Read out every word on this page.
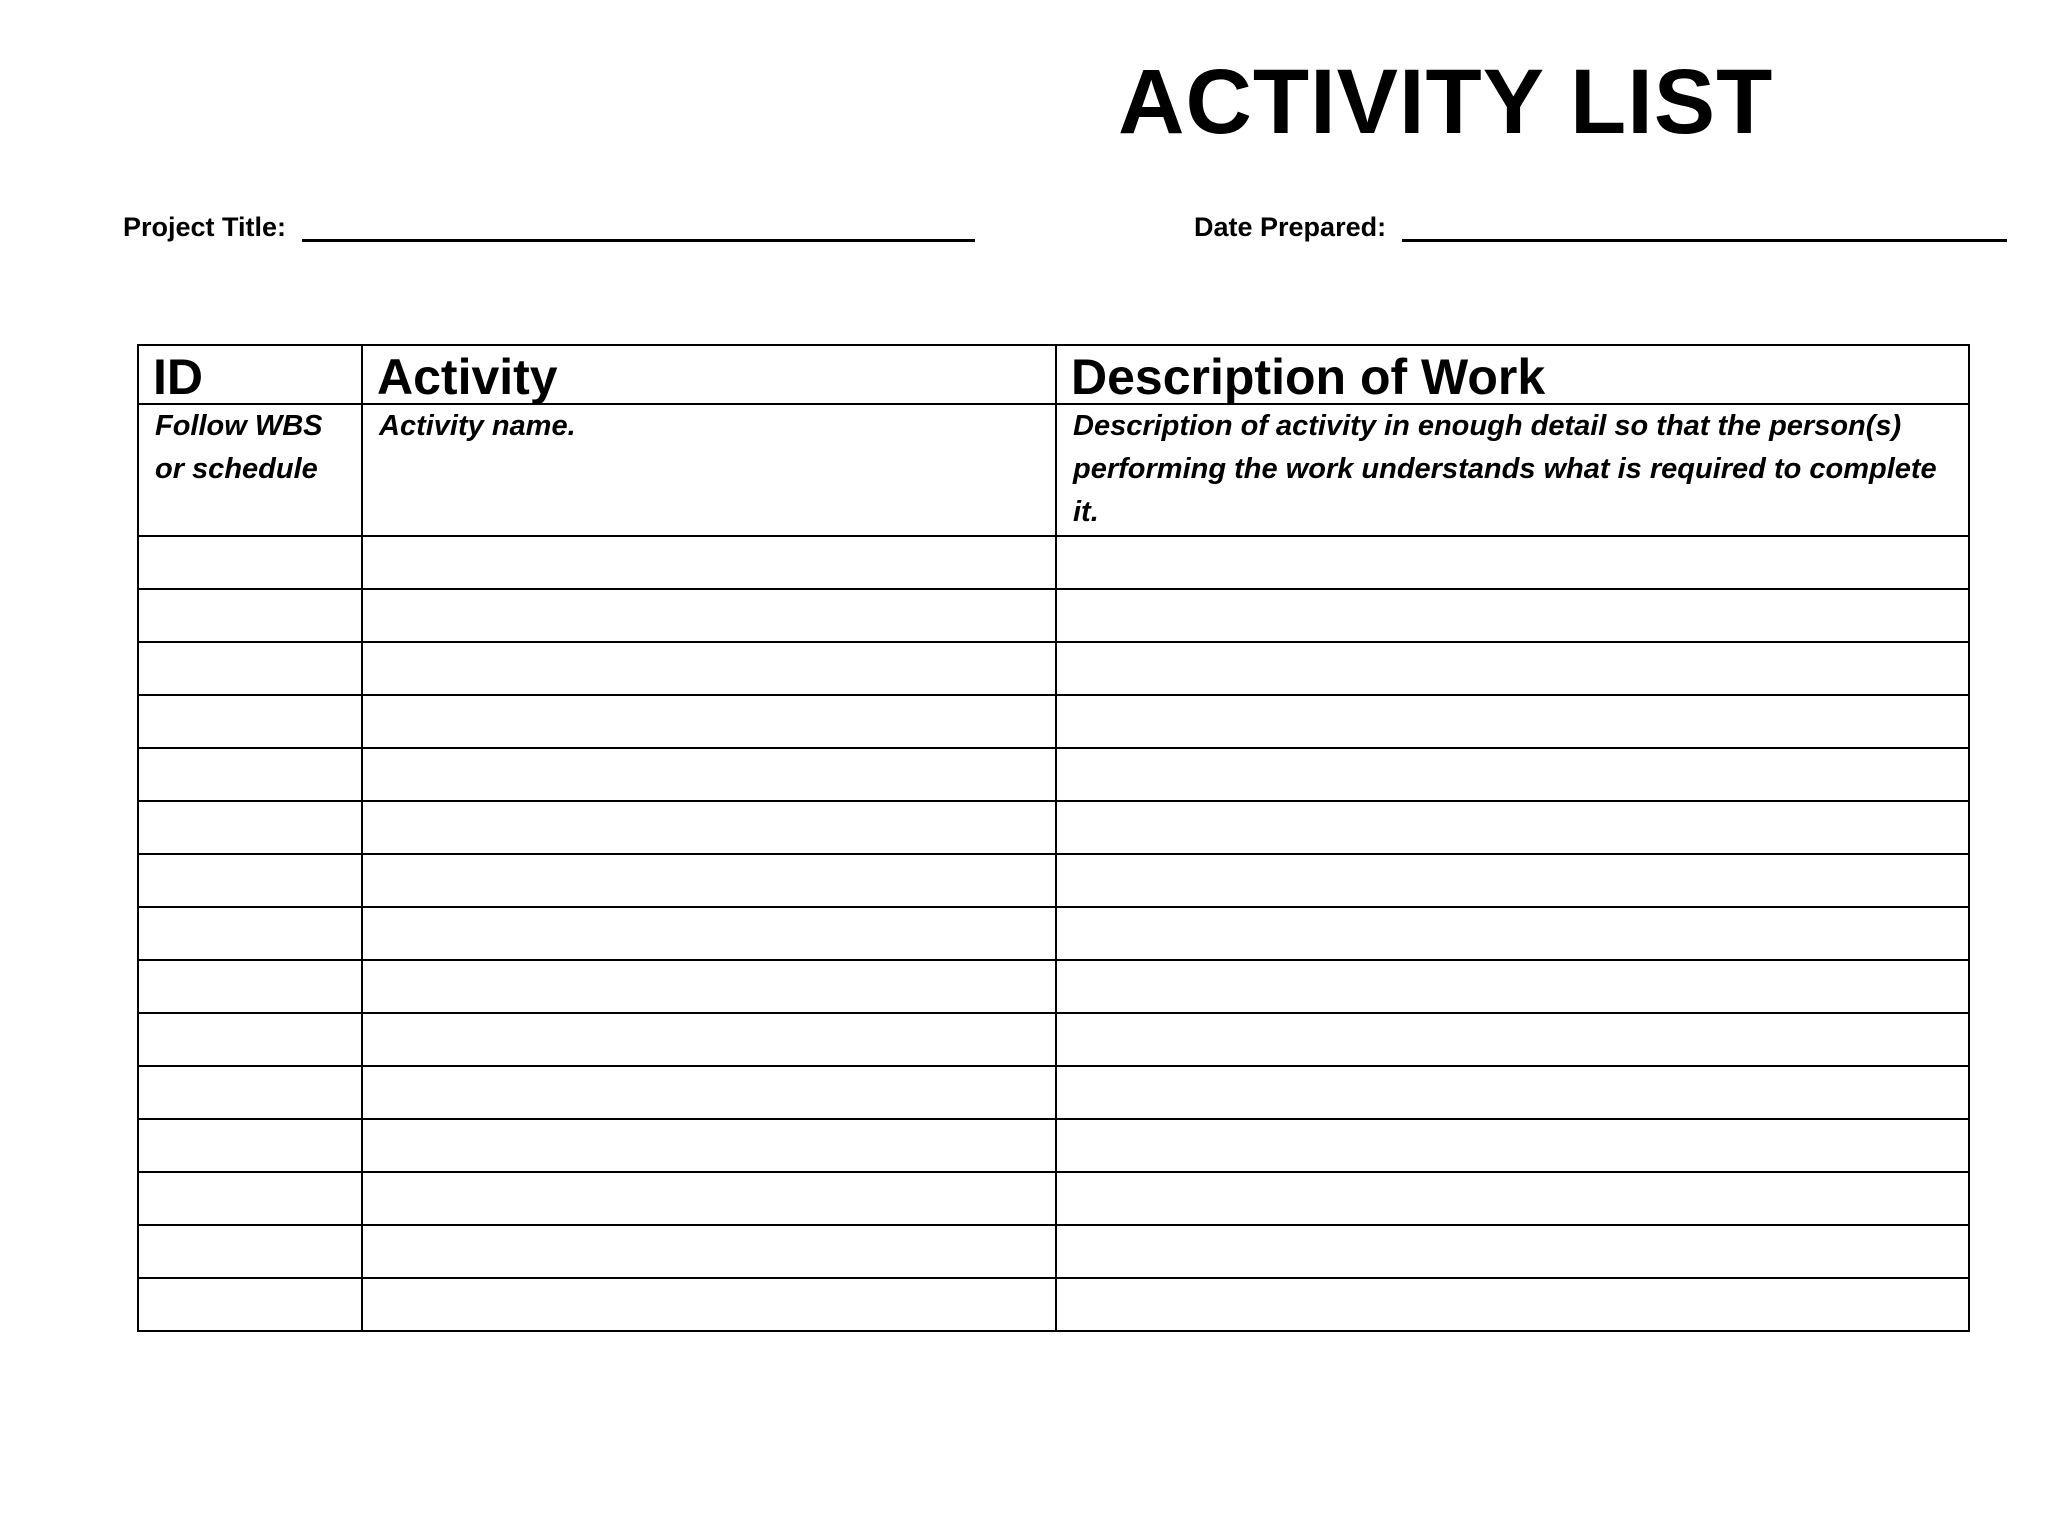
ACTIVITY LIST
Project Title:	Date Prepared:
ID	Activity	Description of Work
Follow WBS or schedule	Activity name.	Description of activity in enough detail so that the person(s) performing the work understands what is required to complete it.
